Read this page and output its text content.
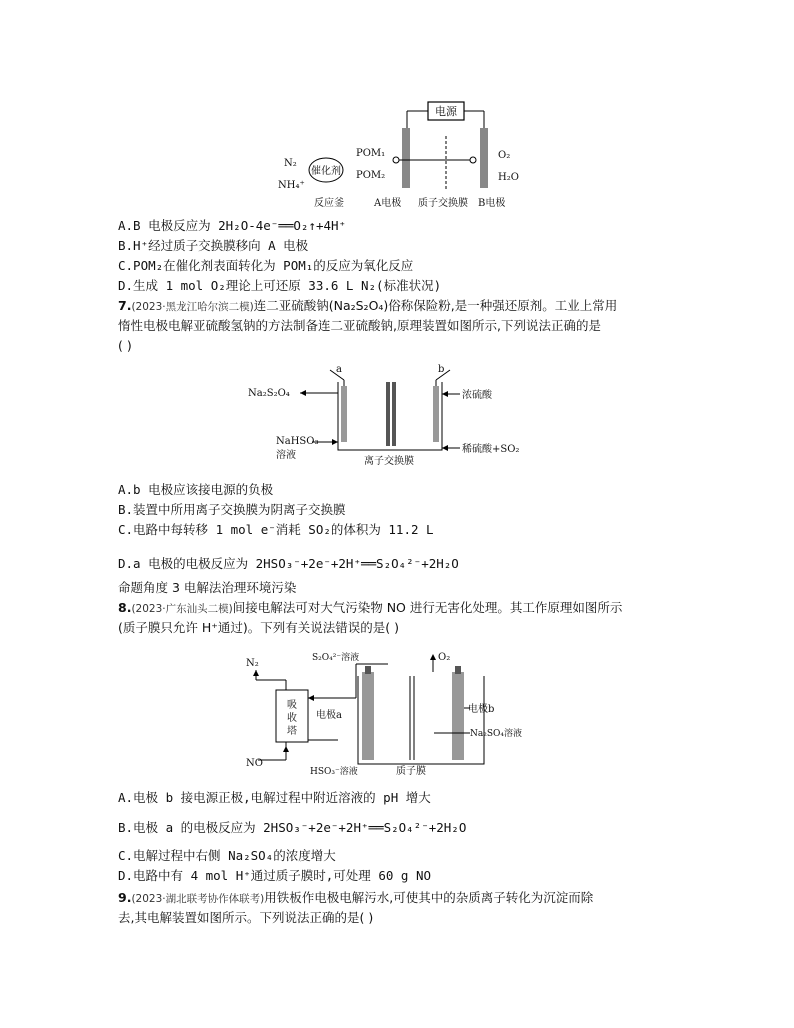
电源
催化剂
N₂
NH₄⁺
POM₁
POM₂
反应釜	A电极 质子交换膜 B电极
O₂
H₂O
A.B 电极反应为 2H₂O-4e⁻══O₂↑+4H⁺
B.H⁺经过质子交换膜移向 A 电极
C.POM₂在催化剂表面转化为 POM₁的反应为氧化反应
D.生成 1 mol O₂理论上可还原 33.6 L N₂(标准状况)
7.(2023·黑龙江哈尔滨二模)连二亚硫酸钠(Na₂S₂O₄)俗称保险粉,是一种强还原剂。工业上常用
惰性电极电解亚硫酸氢钠的方法制备连二亚硫酸钠,原理装置如图所示,下列说法正确的是
( )
a	b
Na₂S₂O₄
NaHSO₃
溶液
浓硫酸
稀硫酸+SO₂
离子交换膜
A.b 电极应该接电源的负极
B.装置中所用离子交换膜为阴离子交换膜
C.电路中每转移 1 mol e⁻消耗 SO₂的体积为 11.2 L
D.a 电极的电极反应为 2HSO₃⁻+2e⁻+2H⁺══S₂O₄²⁻+2H₂O
命题角度 3 电解法治理环境污染
8.(2023·广东汕头二模)间接电解法可对大气污染物 NO 进行无害化处理。其工作原理如图所示
(质子膜只允许 H⁺通过)。下列有关说法错误的是( )
N₂
吸
收
塔
S₂O₄²⁻溶液
NO
电极a
电极b
Na₂SO₄溶液
O₂
HSO₃⁻溶液	质子膜
A.电极 b 接电源正极,电解过程中附近溶液的 pH 增大
B.电极 a 的电极反应为 2HSO₃⁻+2e⁻+2H⁺══S₂O₄²⁻+2H₂O
C.电解过程中右侧 Na₂SO₄的浓度增大
D.电路中有 4 mol H⁺通过质子膜时,可处理 60 g NO
9.(2023·湖北联考协作体联考)用铁板作电极电解污水,可使其中的杂质离子转化为沉淀而除
去,其电解装置如图所示。下列说法正确的是( )
